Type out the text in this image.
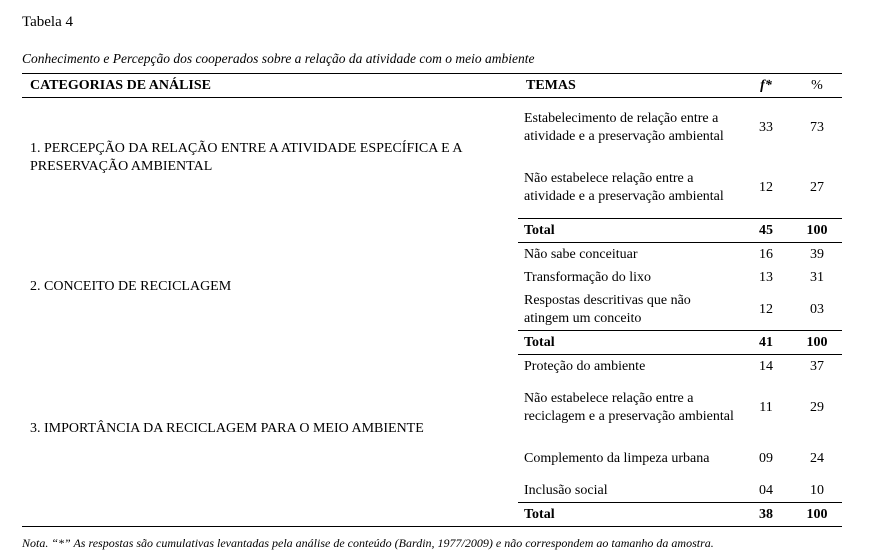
Tabela 4
Conhecimento e Percepção dos cooperados sobre a relação da atividade com o meio ambiente
CATEGORIAS DE ANÁLISE	TEMAS	f*	%
1. PERCEPÇÃO DA RELAÇÃO ENTRE A ATIVIDADE ESPECÍFICA E A PRESERVAÇÃO AMBIENTAL	Estabelecimento de relação entre a atividade e a preservação ambiental	33	73
	Não estabelece relação entre a atividade e a preservação ambiental	12	27
	Total	45	100
2. CONCEITO DE RECICLAGEM	Não sabe conceituar	16	39
	Transformação do lixo	13	31
	Respostas descritivas que não atingem um conceito	12	03
	Total	41	100
3. IMPORTÂNCIA DA RECICLAGEM PARA O MEIO AMBIENTE	Proteção do ambiente	14	37
	Não estabelece relação entre a reciclagem e a preservação ambiental	11	29
	Complemento da limpeza urbana	09	24
	Inclusão social	04	10
	Total	38	100
Nota. “*” As respostas são cumulativas levantadas pela análise de conteúdo (Bardin, 1977/2009) e não correspondem ao tamanho da amostra.
